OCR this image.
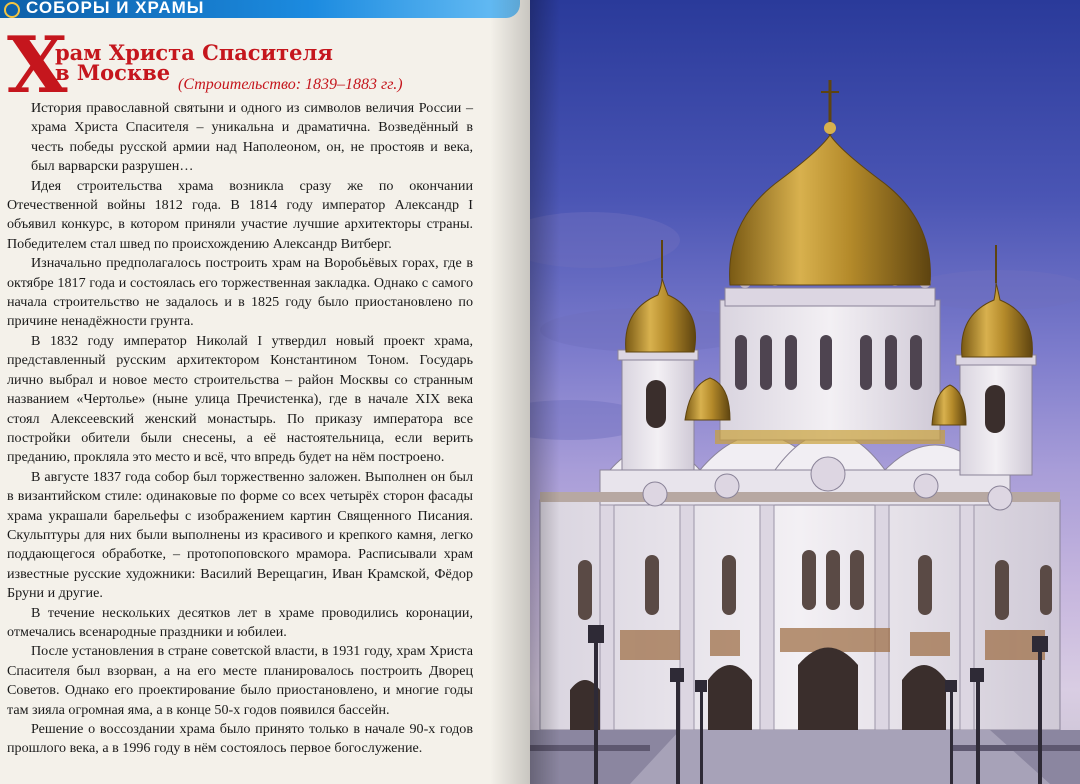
СОБОРЫ И ХРАМЫ
Х
рам Христа Спасителя
в Москве (Строительство: 1839–1883 гг.)

История православной святыни и одного из символов величия России – храма Христа Спасителя – уникальна и драматична. Возведённый в честь победы русской армии над Наполеоном, он, не простояв и века, был варварски разрушен…

Идея строительства храма возникла сразу же по окончании Отечественной войны 1812 года. В 1814 году император Александр I объявил конкурс, в котором приняли участие лучшие архитекторы страны. Победителем стал швед по происхождению Александр Витберг.

Изначально предполагалось построить храм на Воробьёвых горах, где в октябре 1817 года и состоялась его торжественная закладка. Однако с самого начала строительство не задалось и в 1825 году было приостановлено по причине ненадёжности грунта.

В 1832 году император Николай I утвердил новый проект храма, представленный русским архитектором Константином Тоном. Государь лично выбрал и новое место строительства – район Москвы со странным названием «Чертолье» (ныне улица Пречистенка), где в начале XIX века стоял Алексеевский женский монастырь. По приказу императора все постройки обители были снесены, а её настоятельница, если верить преданию, прокляла это место и всё, что впредь будет на нём построено.

В августе 1837 года собор был торжественно заложен. Выполнен он был в византийском стиле: одинаковые по форме со всех четырёх сторон фасады храма украшали барельефы с изображением картин Священного Писания. Скульптуры для них были выполнены из красивого и крепкого камня, легко поддающегося обработке, – протопоповского мрамора. Расписывали храм известные русские художники: Василий Верещагин, Иван Крамской, Фёдор Бруни и другие.

В течение нескольких десятков лет в храме проводились коронации, отмечались всенародные праздники и юбилеи.

После установления в стране советской власти, в 1931 году, храм Христа Спасителя был взорван, а на его месте планировалось построить Дворец Советов. Однако его проектирование было приостановлено, и многие годы там зияла огромная яма, а в конце 50-х годов появился бассейн.

Решение о воссоздании храма было принято только в начале 90-х годов прошлого века, а в 1996 году в нём состоялось первое богослужение.
